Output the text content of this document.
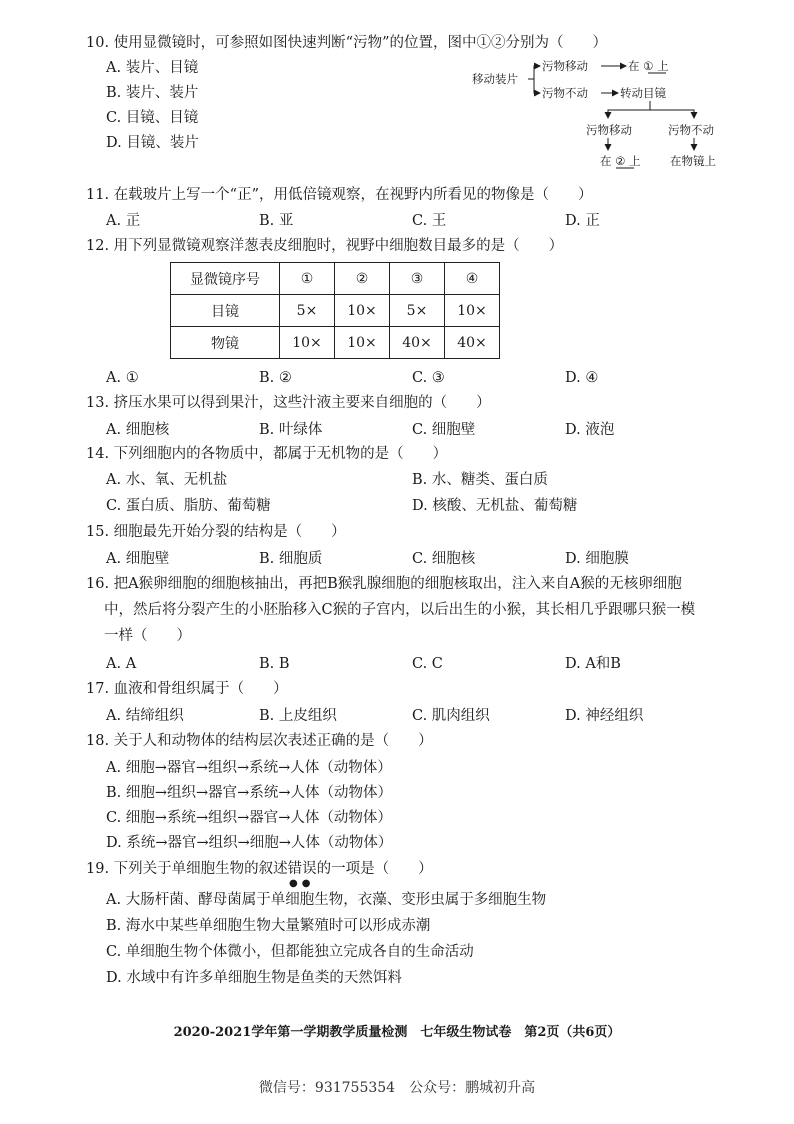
10. 使用显微镜时，可参照如图快速判断“污物”的位置，图中①②分别为（　　）
A. 装片、目镜
B. 装片、装片
C. 目镜、目镜
D. 目镜、装片
移动装片
污物移动	在 ① 上
污物不动	转动目镜
污物移动	污物不动
在 ② 上	在物镜上
11. 在载玻片上写一个“正”，用低倍镜观察，在视野内所看见的物像是（　　）
A. 㱏	B. 亚	C. 王	D. 正
12. 用下列显微镜观察洋葱表皮细胞时，视野中细胞数目最多的是（　　）
显微镜序号	①	②	③	④
目镜	5×	10×	5×	10×
物镜	10×	10×	40×	40×
A. ①	B. ②	C. ③	D. ④
13. 挤压水果可以得到果汁，这些汁液主要来自细胞的（　　）
A. 细胞核	B. 叶绿体	C. 细胞壁	D. 液泡
14. 下列细胞内的各物质中，都属于无机物的是（　　）
A. 水、氧、无机盐	B. 水、糖类、蛋白质
C. 蛋白质、脂肪、葡萄糖	D. 核酸、无机盐、葡萄糖
15. 细胞最先开始分裂的结构是（　　）
A. 细胞壁	B. 细胞质	C. 细胞核	D. 细胞膜
16. 把A猴卵细胞的细胞核抽出，再把B猴乳腺细胞的细胞核取出，注入来自A猴的无核卵细胞
中，然后将分裂产生的小胚胎移入C猴的子宫内，以后出生的小猴，其长相几乎跟哪只猴一模
一样（　　）
A. A	B. B	C. C	D. A和B
17. 血液和骨组织属于（　　）
A. 结缔组织	B. 上皮组织	C. 肌肉组织	D. 神经组织
18. 关于人和动物体的结构层次表述正确的是（　　）
A. 细胞→器官→组织→系统→人体（动物体）
B. 细胞→组织→器官→系统→人体（动物体）
C. 细胞→系统→组织→器官→人体（动物体）
D. 系统→器官→组织→细胞→人体（动物体）
19. 下列关于单细胞生物的叙述错误的一项是（　　）
●●
A. 大肠杆菌、酵母菌属于单细胞生物，衣藻、变形虫属于多细胞生物
B. 海水中某些单细胞生物大量繁殖时可以形成赤潮
C. 单细胞生物个体微小，但都能独立完成各自的生命活动
D. 水域中有许多单细胞生物是鱼类的天然饵料
2020-2021学年第一学期教学质量检测　七年级生物试卷　第2页（共6页）
微信号：931755354　公众号：鹏城初升高
